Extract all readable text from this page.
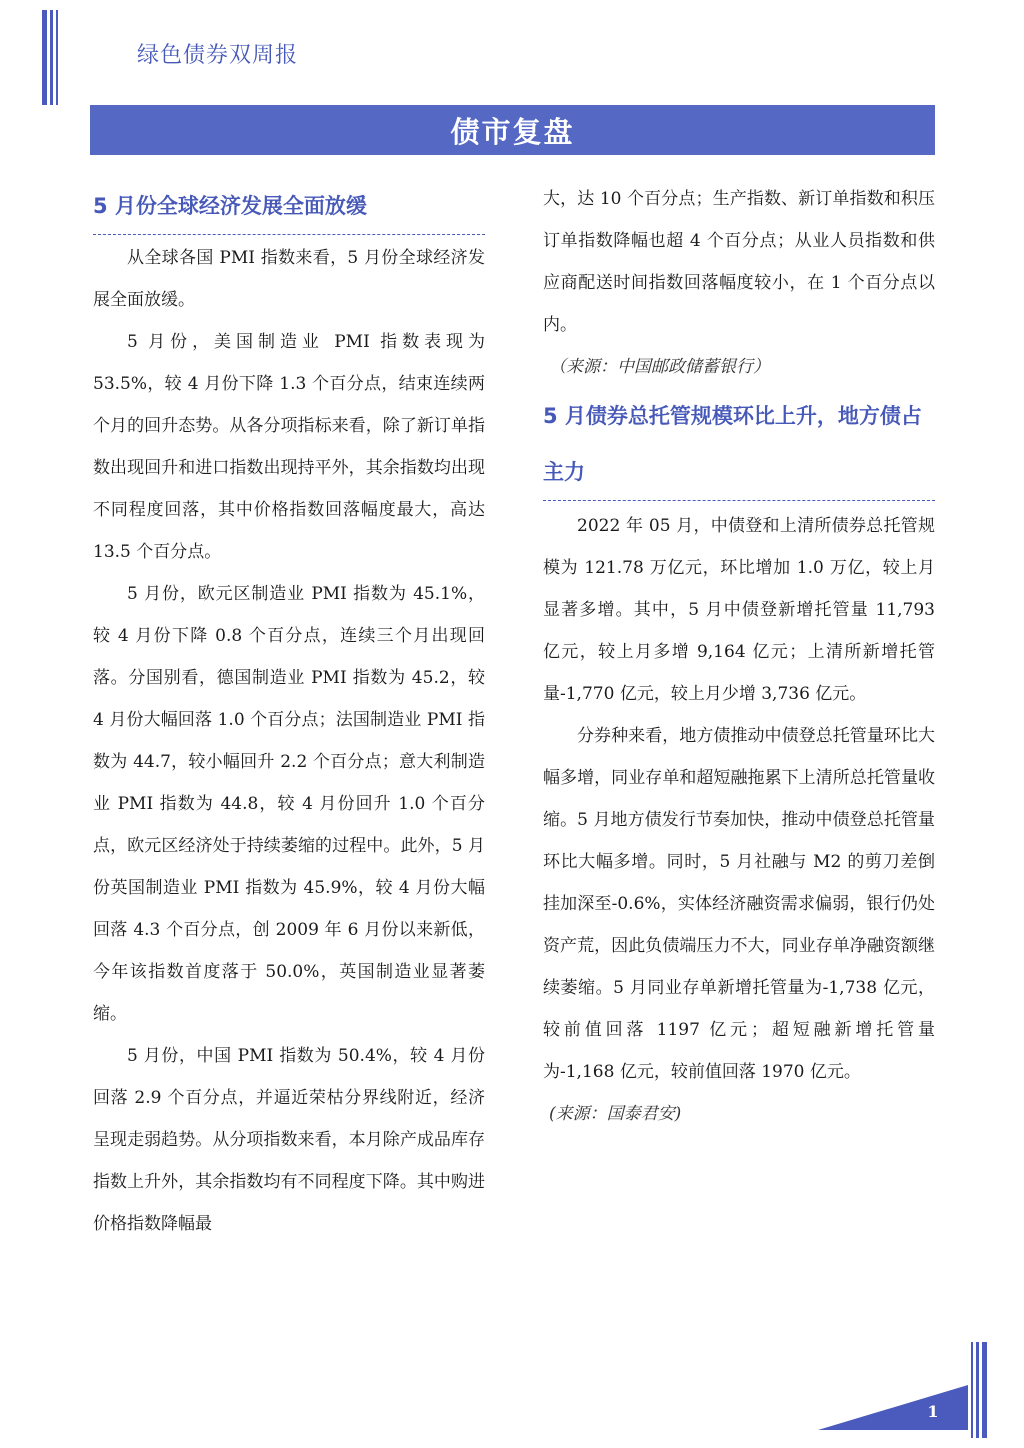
绿色债券双周报
债市复盘
5 月份全球经济发展全面放缓

从全球各国 PMI 指数来看，5 月份全球经济发展全面放缓。

5 月份，美国制造业 PMI 指数表现为 53.5%，较 4 月份下降 1.3 个百分点，结束连续两个月的回升态势。从各分项指标来看，除了新订单指数出现回升和进口指数出现持平外，其余指数均出现不同程度回落，其中价格指数回落幅度最大，高达 13.5 个百分点。

5 月份，欧元区制造业 PMI 指数为 45.1%，较 4 月份下降 0.8 个百分点，连续三个月出现回落。分国别看，德国制造业 PMI 指数为 45.2，较 4 月份大幅回落 1.0 个百分点；法国制造业 PMI 指数为 44.7，较小幅回升 2.2 个百分点；意大利制造业 PMI 指数为 44.8，较 4 月份回升 1.0 个百分点，欧元区经济处于持续萎缩的过程中。此外，5 月份英国制造业 PMI 指数为 45.9%，较 4 月份大幅回落 4.3 个百分点，创 2009 年 6 月份以来新低，今年该指数首度落于 50.0%，英国制造业显著萎缩。

5 月份，中国 PMI 指数为 50.4%，较 4 月份回落 2.9 个百分点，并逼近荣枯分界线附近，经济呈现走弱趋势。从分项指数来看，本月除产成品库存指数上升外，其余指数均有不同程度下降。其中购进价格指数降幅最

大，达 10 个百分点；生产指数、新订单指数和积压订单指数降幅也超 4 个百分点；从业人员指数和供应商配送时间指数回落幅度较小，在 1 个百分点以内。

（来源：中国邮政储蓄银行）

5 月债券总托管规模环比上升，地方债占主力

2022 年 05 月，中债登和上清所债券总托管规模为 121.78 万亿元，环比增加 1.0 万亿，较上月显著多增。其中，5 月中债登新增托管量 11,793 亿元，较上月多增 9,164 亿元；上清所新增托管量-1,770 亿元，较上月少增 3,736 亿元。

分券种来看，地方债推动中债登总托管量环比大幅多增，同业存单和超短融拖累下上清所总托管量收缩。5 月地方债发行节奏加快，推动中债登总托管量环比大幅多增。同时，5 月社融与 M2 的剪刀差倒挂加深至-0.6%，实体经济融资需求偏弱，银行仍处资产荒，因此负债端压力不大，同业存单净融资额继续萎缩。5 月同业存单新增托管量为-1,738 亿元，较前值回落 1197 亿元；超短融新增托管量为-1,168 亿元，较前值回落 1970 亿元。

(来源：国泰君安)

1
